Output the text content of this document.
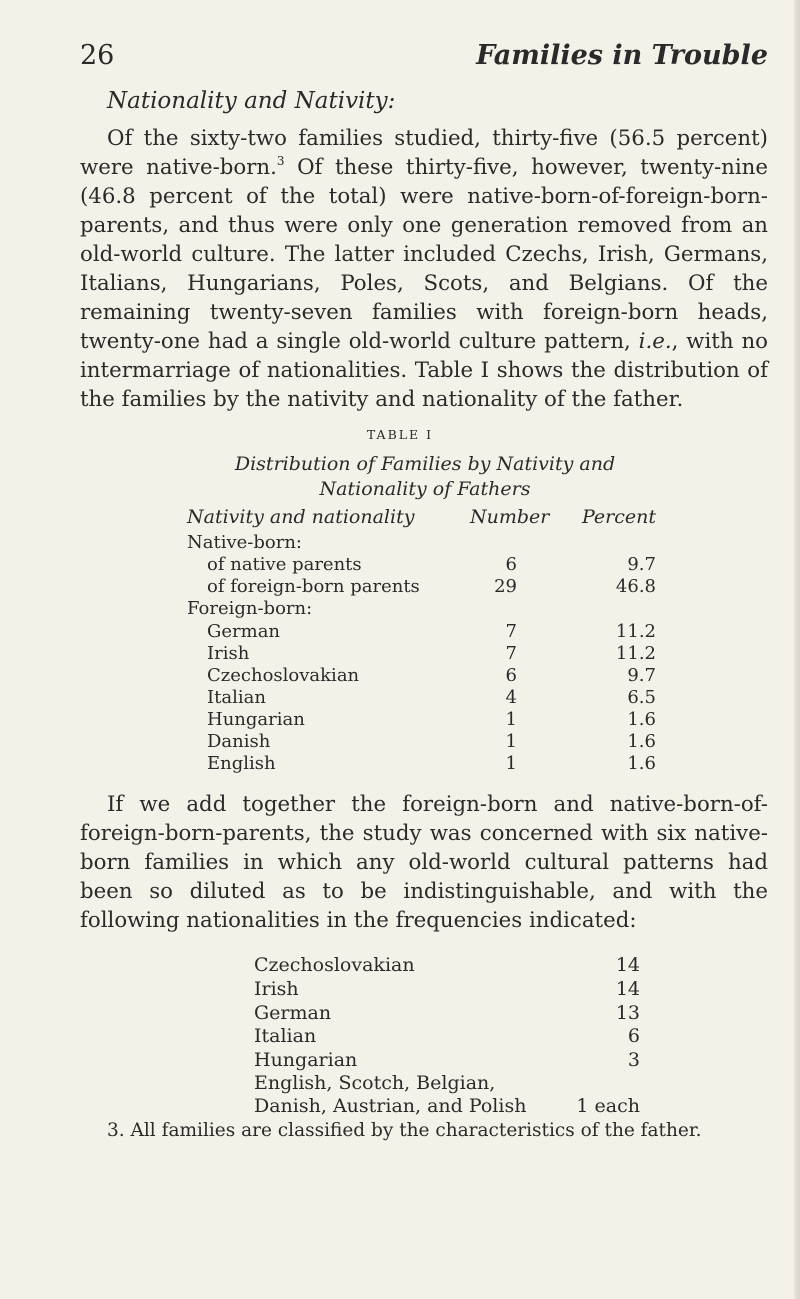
26	Families in Trouble
Nationality and Nativity:

Of the sixty-two families studied, thirty-five (56.5 percent) were native-born.$^3$ Of these thirty-five, however, twenty-nine (46.8 percent of the total) were native-born-of-foreign-born-parents, and thus were only one generation removed from an old-world culture. The latter included Czechs, Irish, Germans, Italians, Hungarians, Poles, Scots, and Belgians. Of the remaining twenty-seven families with foreign-born heads, twenty-one had a single old-world culture pattern, i.e., with no intermarriage of nationalities. Table I shows the distribution of the families by the nativity and nationality of the father.

TABLE I
Distribution of Families by Nativity and
Nationality of Fathers
Nativity and nationality	Number Percent
Native-born:
of native parents	6	9.7
of foreign-born parents	29	46.8
Foreign-born:
German	7	11.2
Irish	7	11.2
Czechoslovakian	6	9.7
Italian	4	6.5
Hungarian	1	1.6
Danish	1	1.6
English	1	1.6

If we add together the foreign-born and native-born-of-foreign-born-parents, the study was concerned with six native-born families in which any old-world cultural patterns had been so diluted as to be indistinguishable, and with the following nationalities in the frequencies indicated:

Czechoslovakian	14
Irish	14
German	13
Italian	6
Hungarian	3
English, Scotch, Belgian,
Danish, Austrian, and Polish	1 each
3. All families are classified by the characteristics of the father.
